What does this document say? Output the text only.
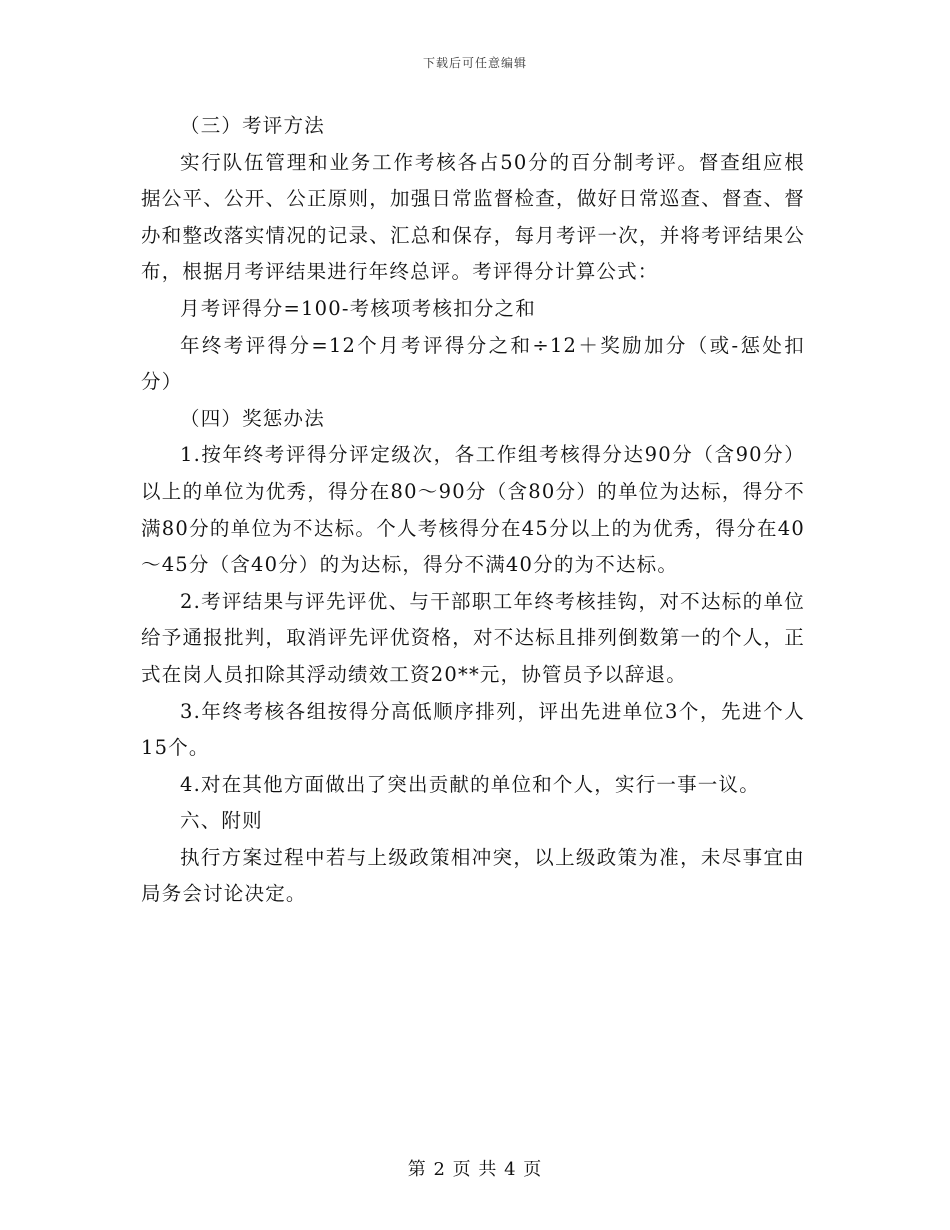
下载后可任意编辑

（三）考评方法

实行队伍管理和业务工作考核各占50分的百分制考评。督查组应根据公平、公开、公正原则，加强日常监督检查，做好日常巡查、督查、督办和整改落实情况的记录、汇总和保存，每月考评一次，并将考评结果公布，根据月考评结果进行年终总评。考评得分计算公式：

月考评得分=100-考核项考核扣分之和

年终考评得分=12个月考评得分之和÷12＋奖励加分（或-惩处扣分）

（四）奖惩办法

1.按年终考评得分评定级次，各工作组考核得分达90分（含90分）以上的单位为优秀，得分在80～90分（含80分）的单位为达标，得分不满80分的单位为不达标。个人考核得分在45分以上的为优秀，得分在40～45分（含40分）的为达标，得分不满40分的为不达标。

2.考评结果与评先评优、与干部职工年终考核挂钩，对不达标的单位给予通报批判，取消评先评优资格，对不达标且排列倒数第一的个人，正式在岗人员扣除其浮动绩效工资20**元，协管员予以辞退。

3.年终考核各组按得分高低顺序排列，评出先进单位3个，先进个人15个。

4.对在其他方面做出了突出贡献的单位和个人，实行一事一议。

六、附则

执行方案过程中若与上级政策相冲突，以上级政策为准，未尽事宜由局务会讨论决定。

第 2 页 共 4 页
